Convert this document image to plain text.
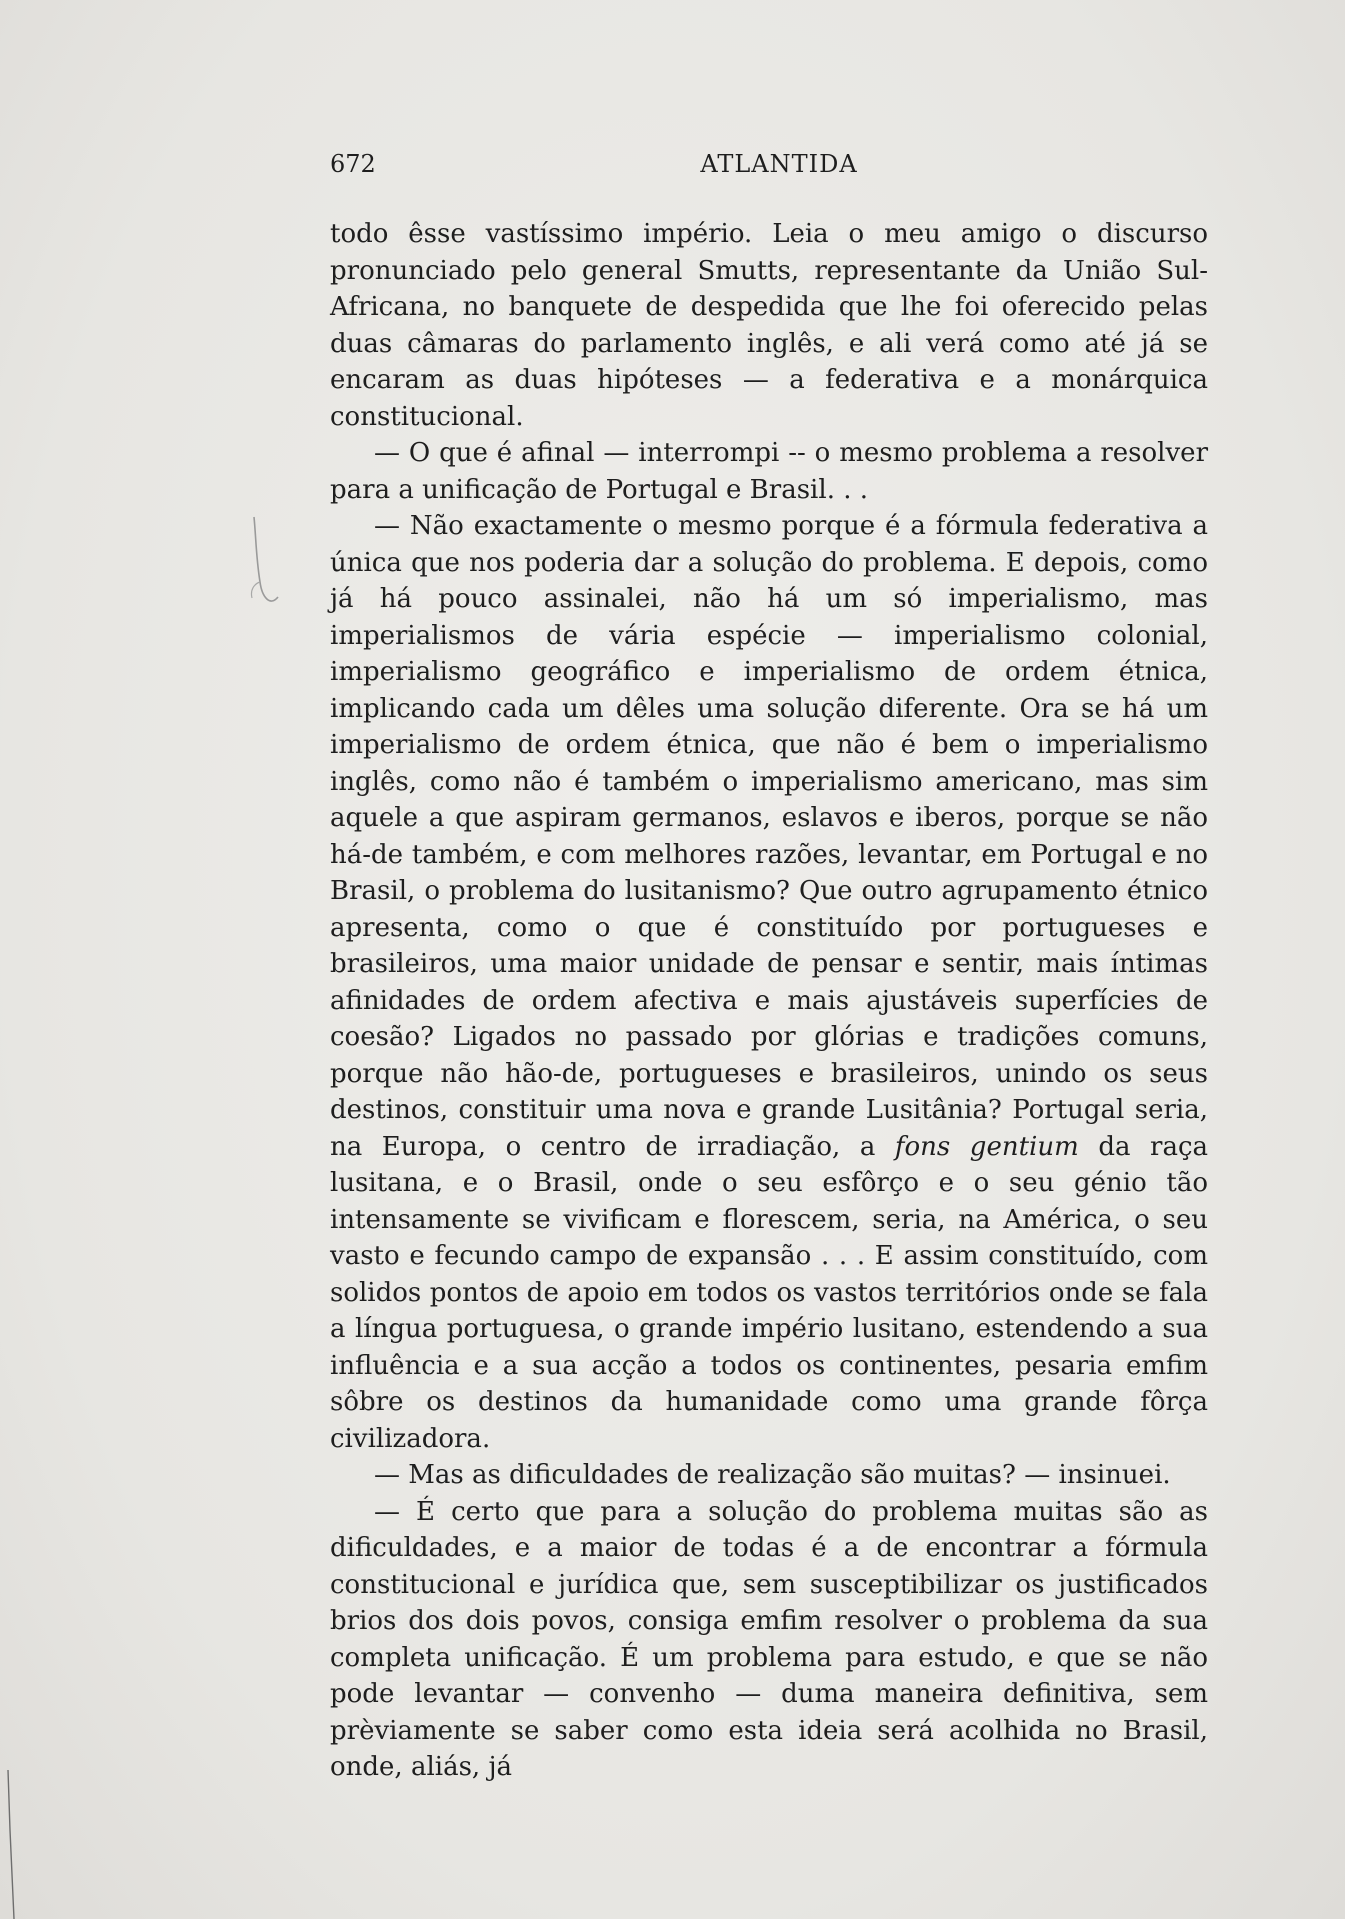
672	ATLANTIDA

todo êsse vastíssimo império. Leia o meu amigo o discurso pronunciado pelo general Smutts, representante da União Sul-Africana, no banquete de despedida que lhe foi oferecido pelas duas câmaras do parlamento inglês, e ali verá como até já se encaram as duas hipóteses — a federativa e a monárquica constitucional.

— O que é afinal — interrompi -- o mesmo problema a resolver para a unificação de Portugal e Brasil. . .

— Não exactamente o mesmo porque é a fórmula federativa a única que nos poderia dar a solução do problema. E depois, como já há pouco assinalei, não há um só imperialismo, mas imperialismos de vária espécie — imperialismo colonial, imperialismo geográfico e imperialismo de ordem étnica, implicando cada um dêles uma solução diferente. Ora se há um imperialismo de ordem étnica, que não é bem o imperialismo inglês, como não é também o imperialismo americano, mas sim aquele a que aspiram germanos, eslavos e iberos, porque se não há-de também, e com melhores razões, levantar, em Portugal e no Brasil, o problema do lusitanismo? Que outro agrupamento étnico apresenta, como o que é constituído por portugueses e brasileiros, uma maior unidade de pensar e sentir, mais íntimas afinidades de ordem afectiva e mais ajustáveis superfícies de coesão? Ligados no passado por glórias e tradições comuns, porque não hão-de, portugueses e brasileiros, unindo os seus destinos, constituir uma nova e grande Lusitânia? Portugal seria, na Europa, o centro de irradiação, a fons gentium da raça lusitana, e o Brasil, onde o seu esfôrço e o seu génio tão intensamente se vivificam e florescem, seria, na América, o seu vasto e fecundo campo de expansão . . . E assim constituído, com solidos pontos de apoio em todos os vastos territórios onde se fala a língua portuguesa, o grande império lusitano, estendendo a sua influência e a sua acção a todos os continentes, pesaria emfim sôbre os destinos da humanidade como uma grande fôrça civilizadora.

— Mas as dificuldades de realização são muitas? — insinuei.

— É certo que para a solução do problema muitas são as dificuldades, e a maior de todas é a de encontrar a fórmula constitucional e jurídica que, sem susceptibilizar os justificados brios dos dois povos, consiga emfim resolver o problema da sua completa unificação. É um problema para estudo, e que se não pode levantar — convenho — duma maneira definitiva, sem prèviamente se saber como esta ideia será acolhida no Brasil, onde, aliás, já
